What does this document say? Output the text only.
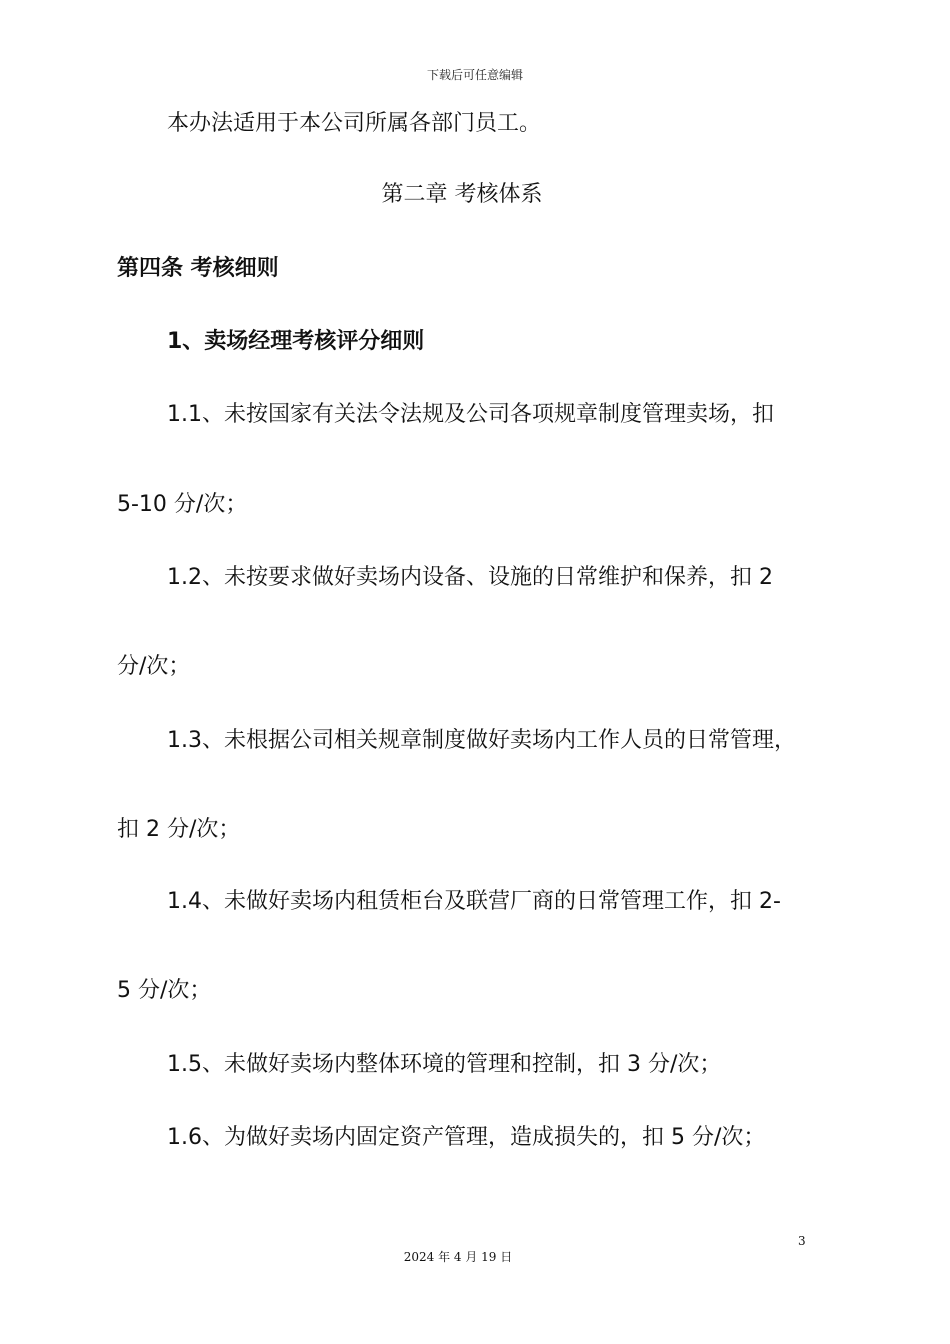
下载后可任意编辑
本办法适用于本公司所属各部门员工。
第二章 考核体系
第四条 考核细则
1、卖场经理考核评分细则
1.1、未按国家有关法令法规及公司各项规章制度管理卖场，扣
5-10 分/次；
1.2、未按要求做好卖场内设备、设施的日常维护和保养，扣 2
分/次；
1.3、未根据公司相关规章制度做好卖场内工作人员的日常管理，
扣 2 分/次；
1.4、未做好卖场内租赁柜台及联营厂商的日常管理工作，扣 2-
5 分/次；
1.5、未做好卖场内整体环境的管理和控制，扣 3 分/次；
1.6、为做好卖场内固定资产管理，造成损失的，扣 5 分/次；
3
2024 年 4 月 19 日
